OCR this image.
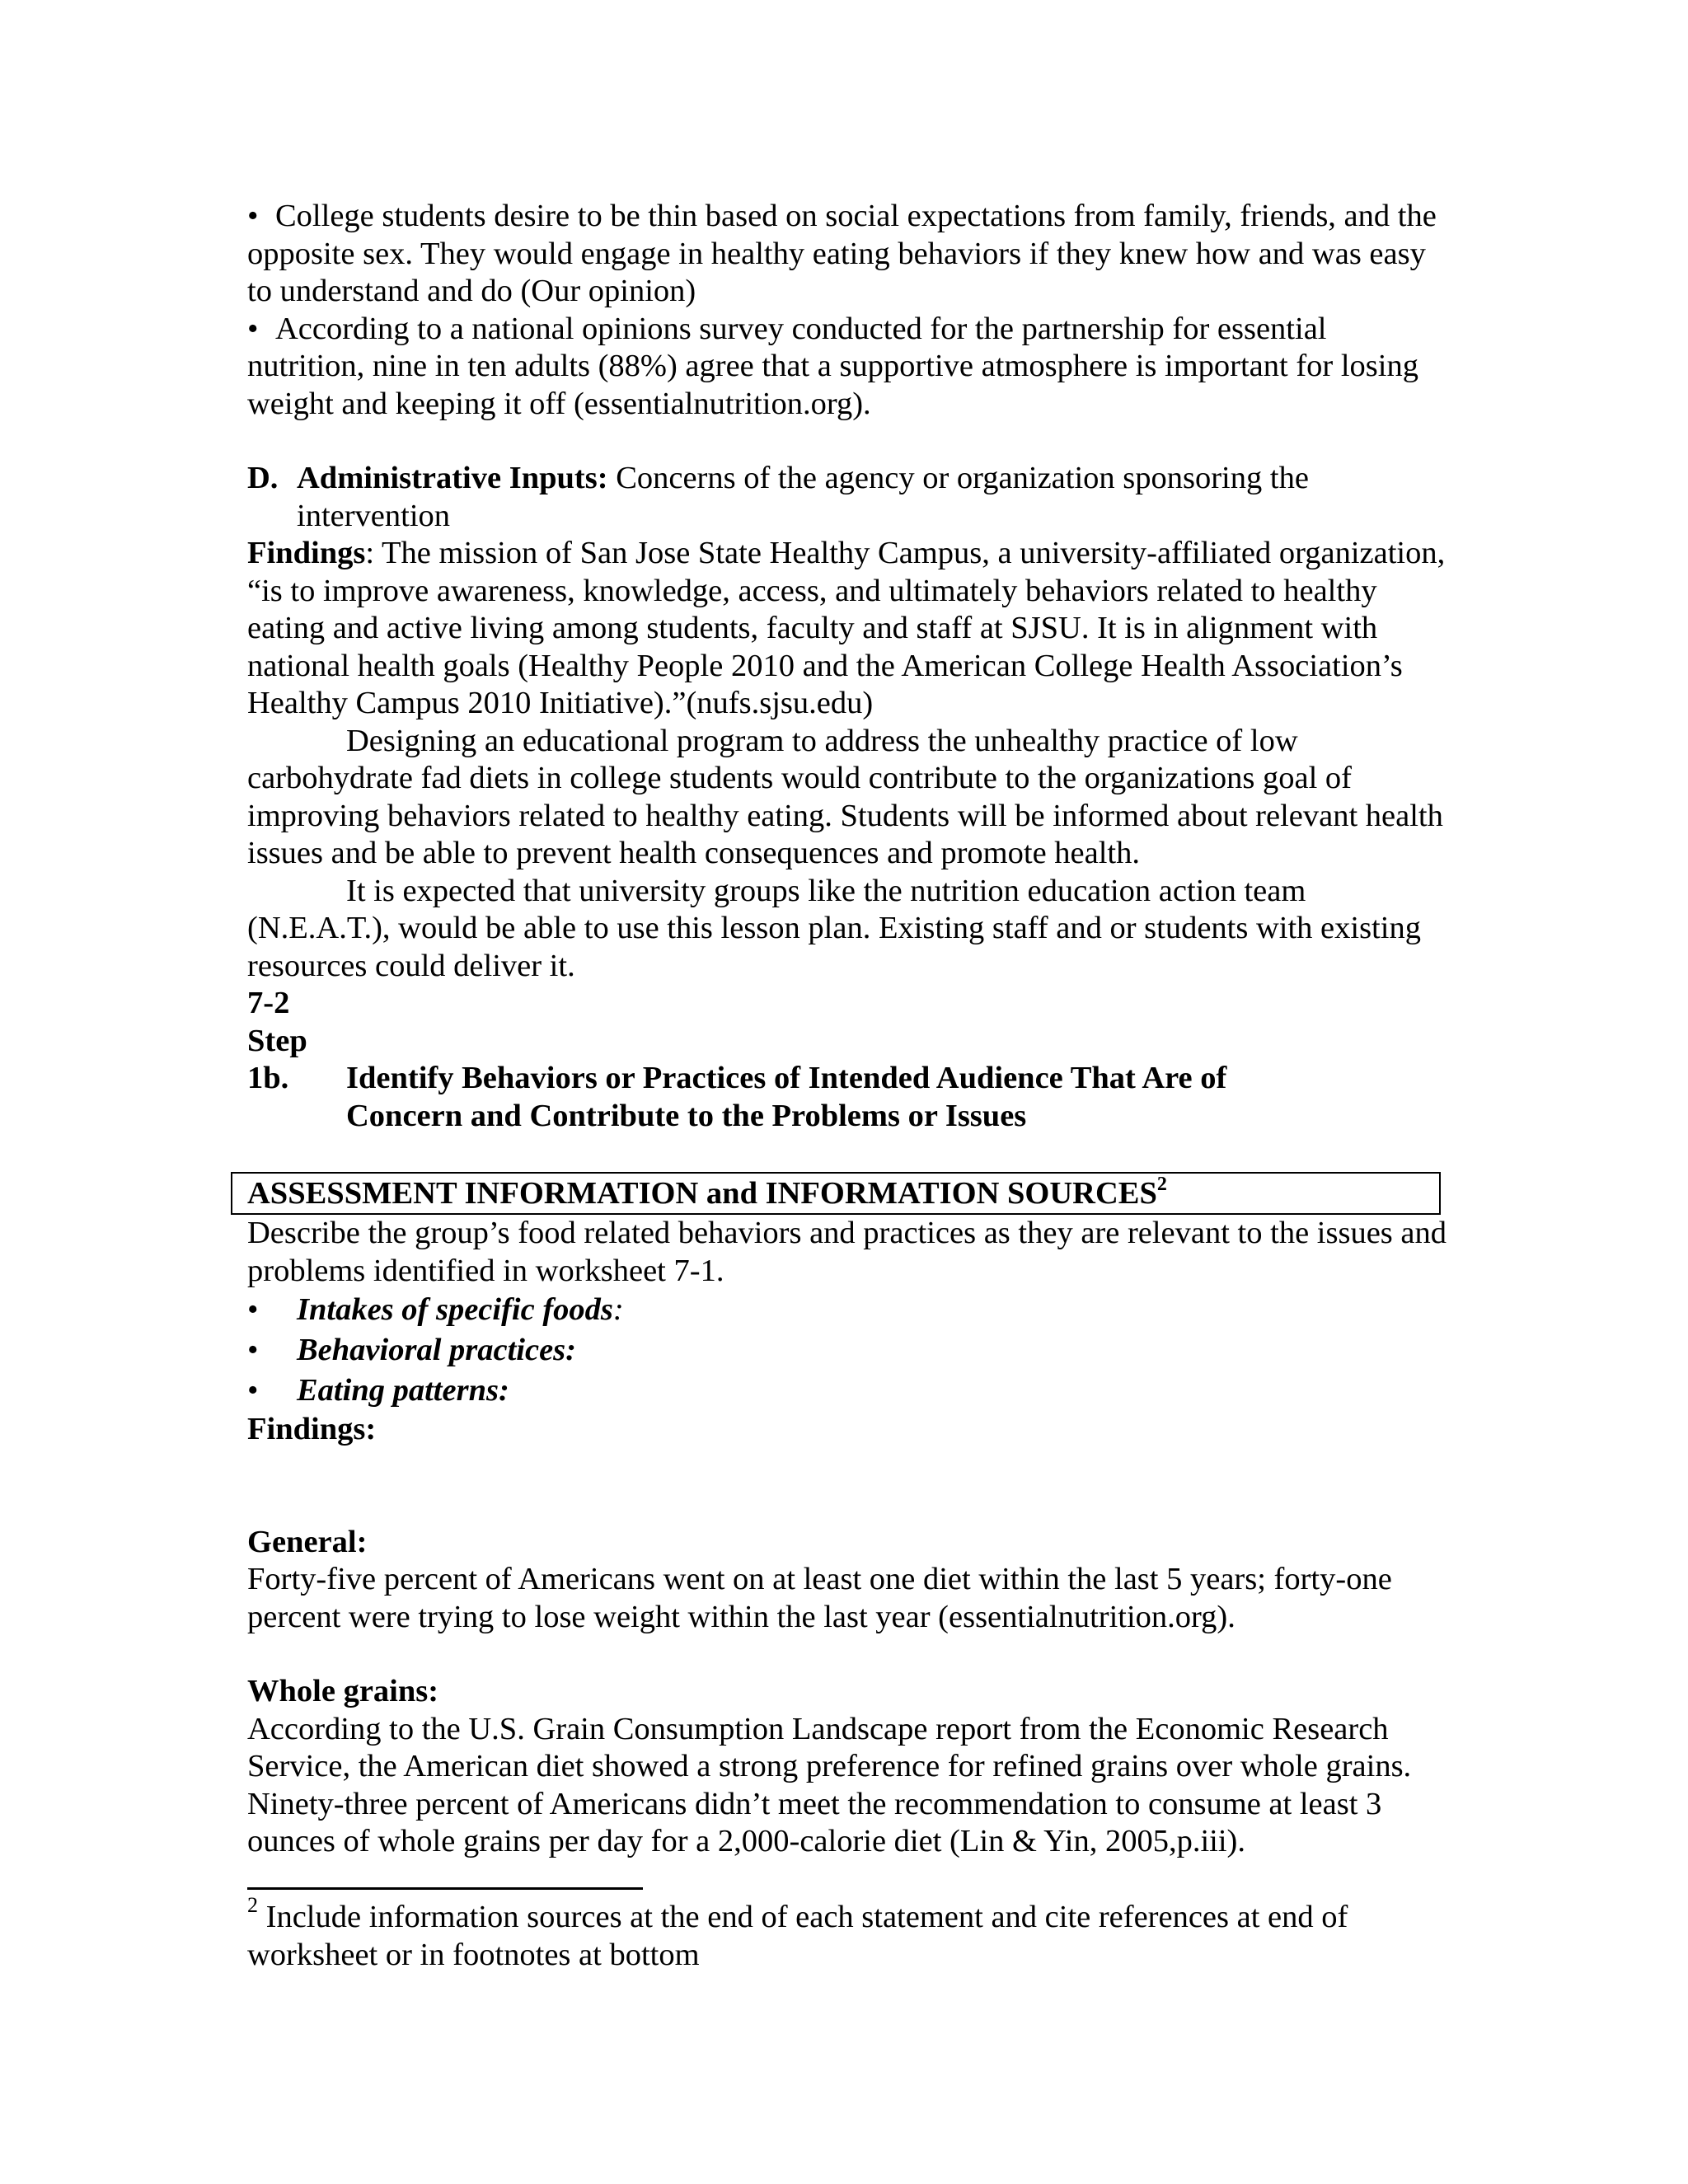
• College students desire to be thin based on social expectations from family, friends, and the opposite sex. They would engage in healthy eating behaviors if they knew how and was easy to understand and do (Our opinion)

• According to a national opinions survey conducted for the partnership for essential nutrition, nine in ten adults (88%) agree that a supportive atmosphere is important for losing weight and keeping it off (essentialnutrition.org).

D. Administrative Inputs: Concerns of the agency or organization sponsoring the intervention

Findings: The mission of San Jose State Healthy Campus, a university-affiliated organization, “is to improve awareness, knowledge, access, and ultimately behaviors related to healthy eating and active living among students, faculty and staff at SJSU. It is in alignment with national health goals (Healthy People 2010 and the American College Health Association’s Healthy Campus 2010 Initiative).”(nufs.sjsu.edu)

Designing an educational program to address the unhealthy practice of low carbohydrate fad diets in college students would contribute to the organizations goal of improving behaviors related to healthy eating. Students will be informed about relevant health issues and be able to prevent health consequences and promote health.

It is expected that university groups like the nutrition education action team (N.E.A.T.), would be able to use this lesson plan. Existing staff and or students with existing resources could deliver it.

7-2 Step 1b. Identify Behaviors or Practices of Intended Audience That Are of
Concern and Contribute to the Problems or Issues
ASSESSMENT INFORMATION and INFORMATION SOURCES$^2$

Describe the group’s food related behaviors and practices as they are relevant to the issues and problems identified in worksheet 7-1.

•	Intakes of specific foods:
•	Behavioral practices:
•	Eating patterns:

Findings:

General:

Forty-five percent of Americans went on at least one diet within the last 5 years; forty-one percent were trying to lose weight within the last year (essentialnutrition.org).

Whole grains:

According to the U.S. Grain Consumption Landscape report from the Economic Research Service, the American diet showed a strong preference for refined grains over whole grains. Ninety-three percent of Americans didn’t meet the recommendation to consume at least 3 ounces of whole grains per day for a 2,000-calorie diet (Lin & Yin, 2005,p.iii).

$^2$ Include information sources at the end of each statement and cite references at end of worksheet or in footnotes at bottom
